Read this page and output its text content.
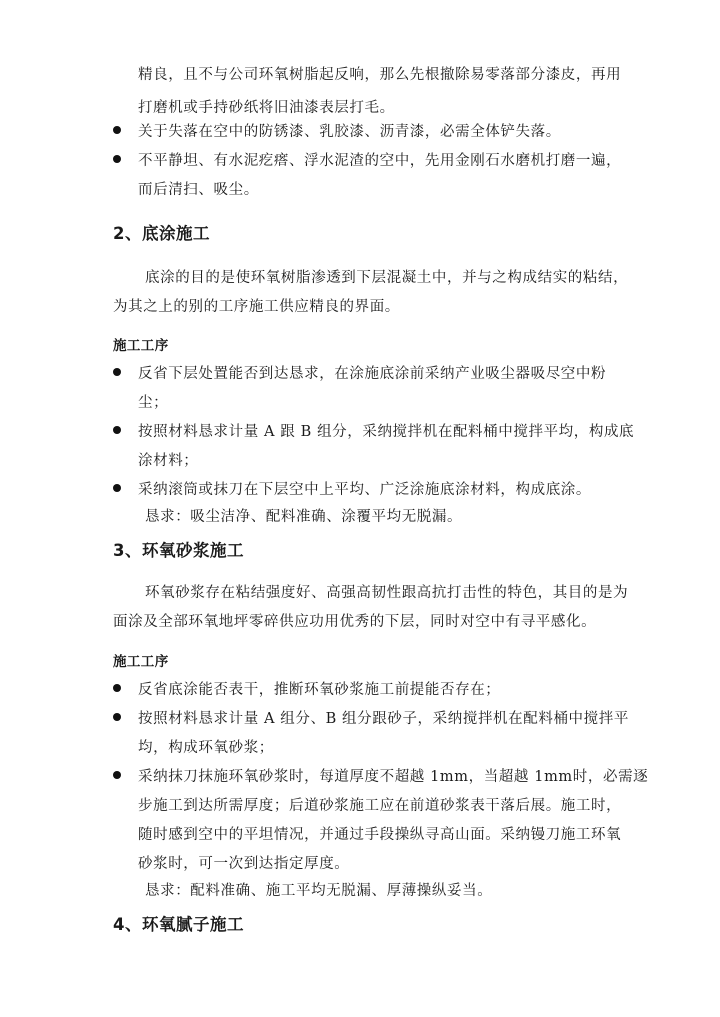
精良，且不与公司环氧树脂起反响，那么先根撤除易零落部分漆皮，再用
打磨机或手持砂纸将旧油漆表层打毛。
关于失落在空中的防锈漆、乳胶漆、沥青漆，必需全体铲失落。
不平静坦、有水泥疙瘩、浮水泥渣的空中，先用金刚石水磨机打磨一遍，
而后清扫、吸尘。
2、底涂施工
底涂的目的是使环氧树脂渗透到下层混凝土中，并与之构成结实的粘结，
为其之上的别的工序施工供应精良的界面。
施工工序
反省下层处置能否到达恳求，在涂施底涂前采纳产业吸尘器吸尽空中粉
尘；
按照材料恳求计量 A 跟 B 组分，采纳搅拌机在配料桶中搅拌平均，构成底
涂材料；
采纳滚筒或抹刀在下层空中上平均、广泛涂施底涂材料，构成底涂。
恳求：吸尘洁净、配料准确、涂覆平均无脱漏。
3、环氧砂浆施工
环氧砂浆存在粘结强度好、高强高韧性跟高抗打击性的特色，其目的是为
面涂及全部环氧地坪零碎供应功用优秀的下层，同时对空中有寻平感化。
施工工序
反省底涂能否表干，推断环氧砂浆施工前提能否存在；
按照材料恳求计量 A 组分、B 组分跟砂子，采纳搅拌机在配料桶中搅拌平
均，构成环氧砂浆；
采纳抹刀抹施环氧砂浆时，每道厚度不超越 1mm，当超越 1mm时，必需逐
步施工到达所需厚度；后道砂浆施工应在前道砂浆表干落后展。施工时，
随时感到空中的平坦情况，并通过手段操纵寻高山面。采纳镘刀施工环氧
砂浆时，可一次到达指定厚度。
恳求：配料准确、施工平均无脱漏、厚薄操纵妥当。
4、环氧腻子施工
